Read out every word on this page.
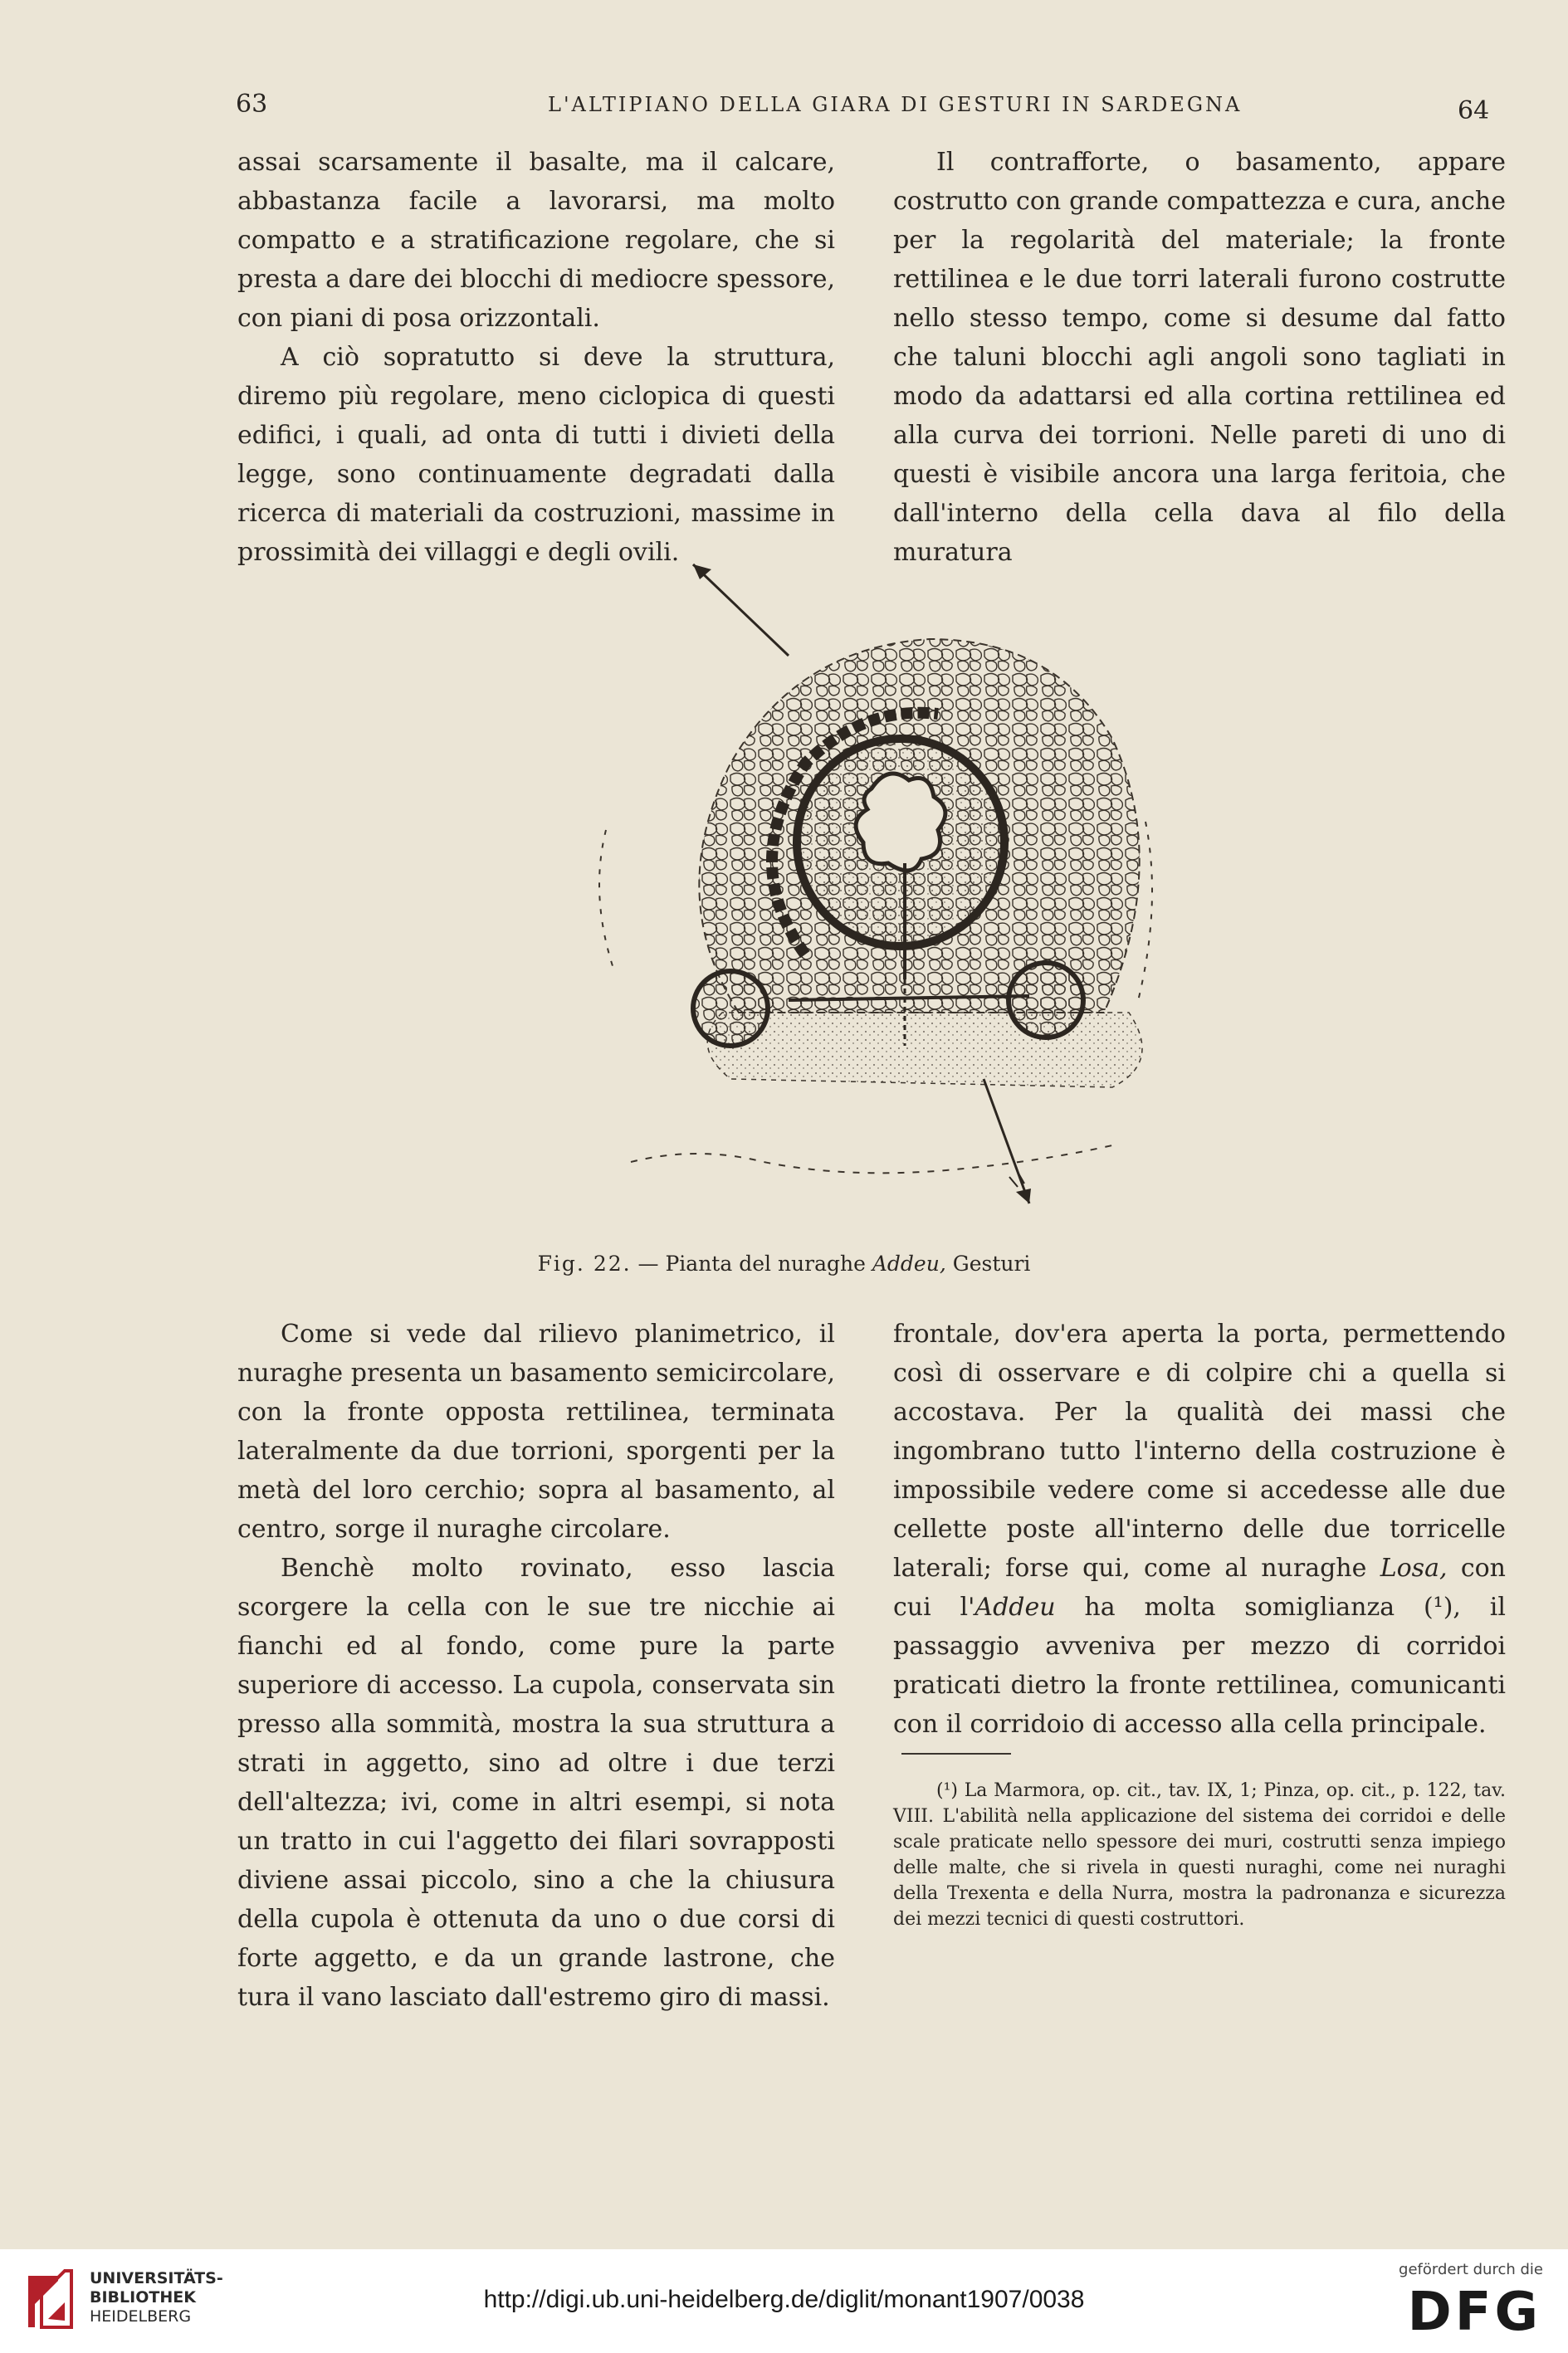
63	L'ALTIPIANO DELLA GIARA DI GESTURI IN SARDEGNA	64

assai scarsamente il basalte, ma il calcare, abbastanza facile a lavorarsi, ma molto compatto e a stratificazione regolare, che si presta a dare dei blocchi di mediocre spessore, con piani di posa orizzontali.

A ciò sopratutto si deve la struttura, diremo più regolare, meno ciclopica di questi edifici, i quali, ad onta di tutti i divieti della legge, sono continuamente degradati dalla ricerca di materiali da costruzioni, massime in prossimità dei villaggi e degli ovili.

Il contrafforte, o basamento, appare costrutto con grande compattezza e cura, anche per la regolarità del materiale; la fronte rettilinea e le due torri laterali furono costrutte nello stesso tempo, come si desume dal fatto che taluni blocchi agli angoli sono tagliati in modo da adattarsi ed alla cortina rettilinea ed alla curva dei torrioni. Nelle pareti di uno di questi è visibile ancora una larga feritoia, che dall'interno della cella dava al filo della muratura

Fig. 22. — Pianta del nuraghe Addeu, Gesturi

Come si vede dal rilievo planimetrico, il nuraghe presenta un basamento semicircolare, con la fronte opposta rettilinea, terminata lateralmente da due torrioni, sporgenti per la metà del loro cerchio; sopra al basamento, al centro, sorge il nuraghe circolare.

Benchè molto rovinato, esso lascia scorgere la cella con le sue tre nicchie ai fianchi ed al fondo, come pure la parte superiore di accesso. La cupola, conservata sin presso alla sommità, mostra la sua struttura a strati in aggetto, sino ad oltre i due terzi dell'altezza; ivi, come in altri esempi, si nota un tratto in cui l'aggetto dei filari sovrapposti diviene assai piccolo, sino a che la chiusura della cupola è ottenuta da uno o due corsi di forte aggetto, e da un grande lastrone, che tura il vano lasciato dall'estremo giro di massi.

frontale, dov'era aperta la porta, permettendo così di osservare e di colpire chi a quella si accostava. Per la qualità dei massi che ingombrano tutto l'interno della costruzione è impossibile vedere come si accedesse alle due cellette poste all'interno delle due torricelle laterali; forse qui, come al nuraghe Losa, con cui l'Addeu ha molta somiglianza (¹), il passaggio avveniva per mezzo di corridoi praticati dietro la fronte rettilinea, comunicanti con il corridoio di accesso alla cella principale.

(¹) La Marmora, op. cit., tav. IX, 1; Pinza, op. cit., p. 122, tav. VIII. L'abilità nella applicazione del sistema dei corridoi e delle scale praticate nello spessore dei muri, costrutti senza impiego delle malte, che si rivela in questi nuraghi, come nei nuraghi della Trexenta e della Nurra, mostra la padronanza e sicurezza dei mezzi tecnici di questi costruttori.

UNIVERSITÄTS-
BIBLIOTHEK
HEIDELBERG
http://digi.ub.uni-heidelberg.de/diglit/monant1907/0038
gefördert durch die
DFG
